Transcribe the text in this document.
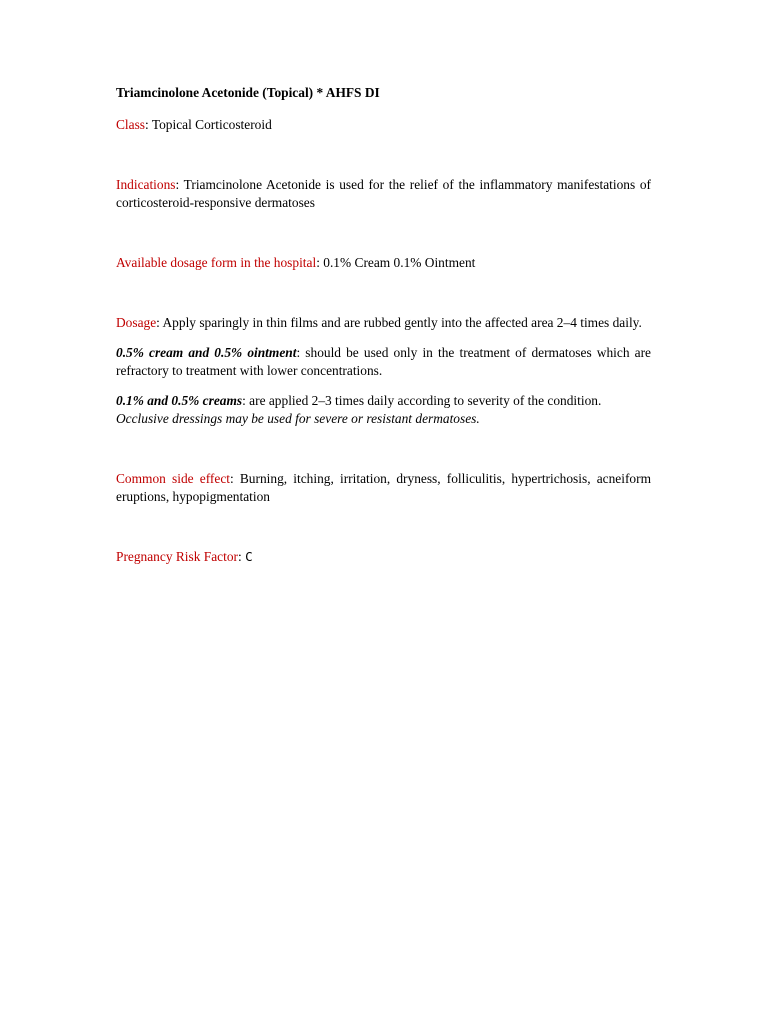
Triamcinolone Acetonide (Topical) * AHFS DI

Class: Topical Corticosteroid

Indications: Triamcinolone Acetonide is used for the relief of the inflammatory manifestations of corticosteroid-responsive dermatoses

Available dosage form in the hospital: 0.1% Cream 0.1% Ointment

Dosage: Apply sparingly in thin films and are rubbed gently into the affected area 2–4 times daily.

0.5% cream and 0.5% ointment: should be used only in the treatment of dermatoses which are refractory to treatment with lower concentrations.

0.1% and 0.5% creams: are applied 2–3 times daily according to severity of the condition.

Occlusive dressings may be used for severe or resistant dermatoses.

Common side effect: Burning, itching, irritation, dryness, folliculitis, hypertrichosis, acneiform eruptions, hypopigmentation

Pregnancy Risk Factor: C
